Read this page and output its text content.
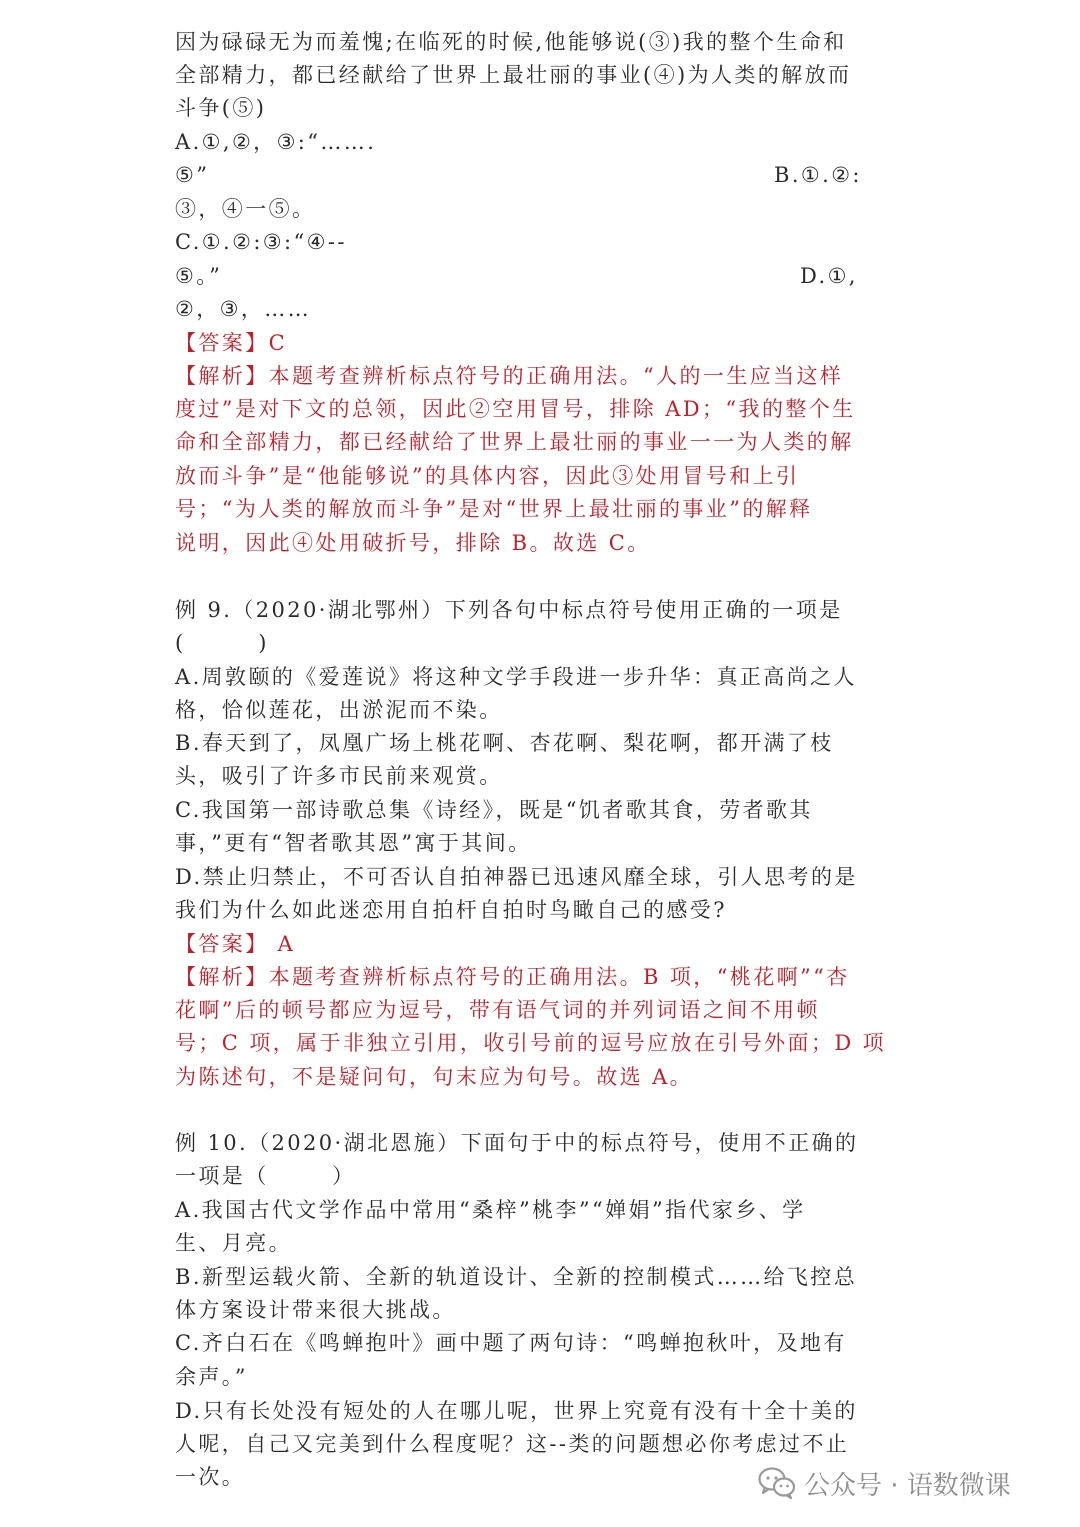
因为碌碌无为而羞愧;在临死的时候,他能够说(③)我的整个生命和
全部精力，都已经献给了世界上最壮丽的事业(④)为人类的解放而
斗争(⑤)
A.①,②，③:“…….
⑤”	B.①.②:
③，④一⑤。
C.①.②:③:“④--
⑤。”	D.①,
②，③，……
【答案】C
【解析】本题考查辨析标点符号的正确用法。“人的一生应当这样
度过”是对下文的总领，因此②空用冒号，排除 AD；“我的整个生
命和全部精力，都已经献给了世界上最壮丽的事业一一为人类的解
放而斗争”是“他能够说”的具体内容，因此③处用冒号和上引
号；“为人类的解放而斗争”是对“世界上最壮丽的事业”的解释
说明，因此④处用破折号，排除 B。故选 C。
例 9.（2020·湖北鄂州）下列各句中标点符号使用正确的一项是
(        )
A.周敦颐的《爱莲说》将这种文学手段进一步升华：真正高尚之人
格，恰似莲花，出淤泥而不染。
B.春天到了，凤凰广场上桃花啊、杏花啊、梨花啊，都开满了枝
头，吸引了许多市民前来观赏。
C.我国第一部诗歌总集《诗经》，既是“饥者歌其食，劳者歌其
事，”更有“智者歌其恩”寓于其间。
D.禁止归禁止，不可否认自拍神器已迅速风靡全球，引人思考的是
我们为什么如此迷恋用自拍杆自拍时鸟瞰自己的感受?
【答案】 A
【解析】本题考查辨析标点符号的正确用法。B 项，“桃花啊”“杏
花啊”后的顿号都应为逗号，带有语气词的并列词语之间不用顿
号；C 项，属于非独立引用，收引号前的逗号应放在引号外面；D 项
为陈述句，不是疑问句，句末应为句号。故选 A。
例 10.（2020·湖北恩施）下面句于中的标点符号，使用不正确的
一项是（       ）
A.我国古代文学作品中常用“桑梓”桃李”“婵娟”指代家乡、学
生、月亮。
B.新型运载火箭、全新的轨道设计、全新的控制模式……给飞控总
体方案设计带来很大挑战。
C.齐白石在《鸣蝉抱叶》画中题了两句诗：“鸣蝉抱秋叶，及地有
余声。”
D.只有长处没有短处的人在哪儿呢，世界上究竟有没有十全十美的
人呢，自己又完美到什么程度呢？这--类的问题想必你考虑过不止
一次。	公众号 · 语数微课
